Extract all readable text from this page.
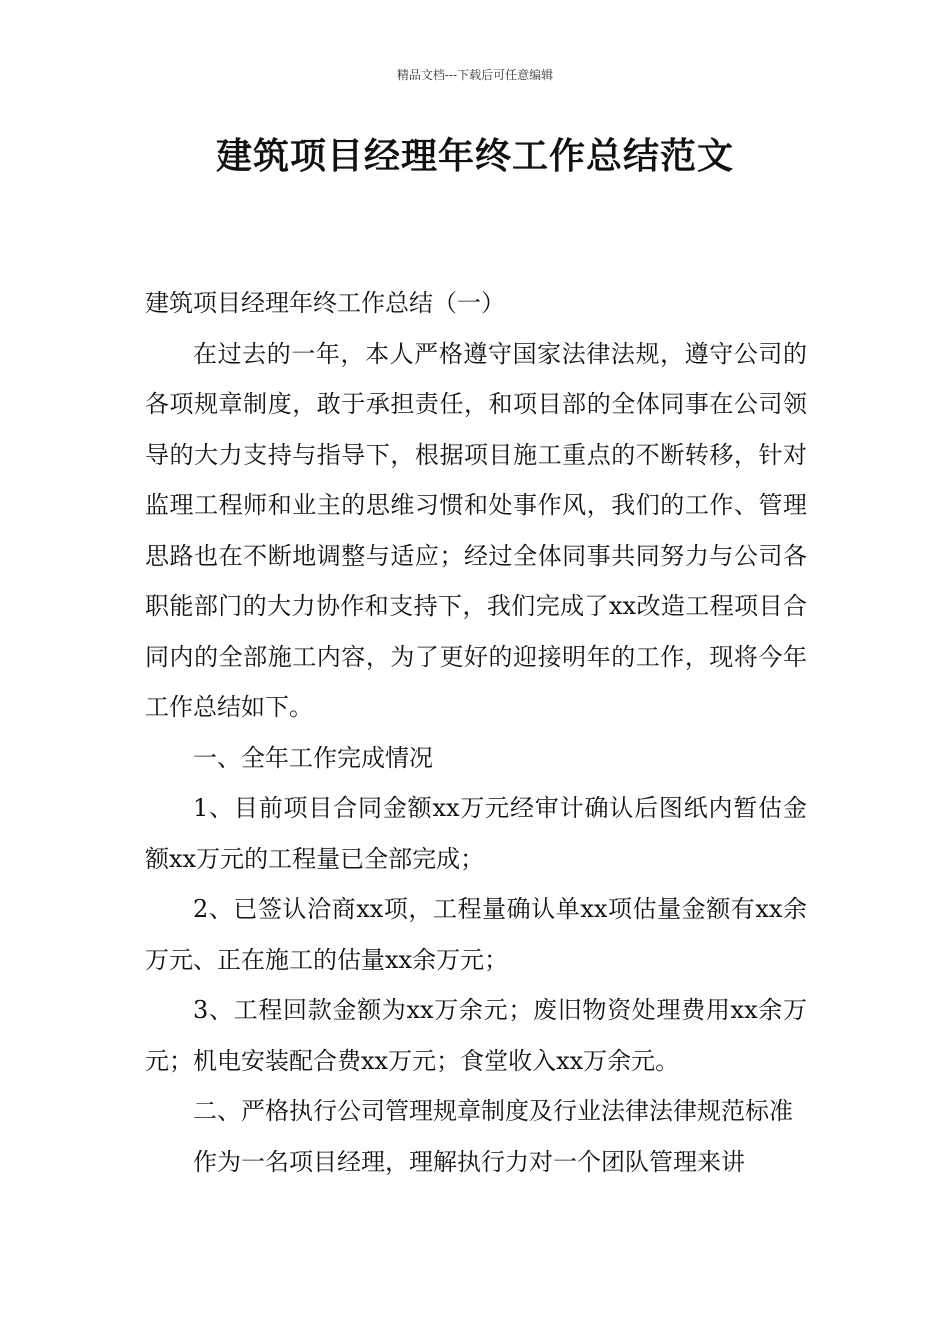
精品文档---下载后可任意编辑
建筑项目经理年终工作总结范文

建筑项目经理年终工作总结（一）

在过去的一年，本人严格遵守国家法律法规，遵守公司的各项规章制度，敢于承担责任，和项目部的全体同事在公司领导的大力支持与指导下，根据项目施工重点的不断转移，针对监理工程师和业主的思维习惯和处事作风，我们的工作、管理思路也在不断地调整与适应；经过全体同事共同努力与公司各职能部门的大力协作和支持下，我们完成了xx改造工程项目合同内的全部施工内容，为了更好的迎接明年的工作，现将今年工作总结如下。

一、全年工作完成情况

1、目前项目合同金额xx万元经审计确认后图纸内暂估金额xx万元的工程量已全部完成；

2、已签认洽商xx项，工程量确认单xx项估量金额有xx余万元、正在施工的估量xx余万元；

3、工程回款金额为xx万余元；废旧物资处理费用xx余万元；机电安装配合费xx万元；食堂收入xx万余元。

二、严格执行公司管理规章制度及行业法律法律规范标准

作为一名项目经理，理解执行力对一个团队管理来讲
